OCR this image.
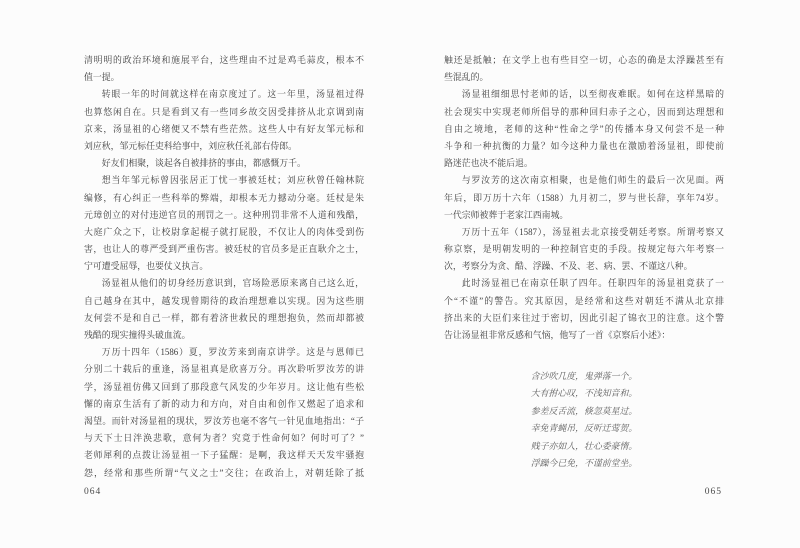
清明明的政治环境和施展平台，这些理由不过是鸡毛蒜皮，根本不
值一提。
转眼一年的时间就这样在南京度过了。这一年里，汤显祖过得
也算悠闲自在。只是看到又有一些同乡故交因受排挤从北京调到南
京来，汤显祖的心绪便又不禁有些茫然。这些人中有好友邹元标和
刘应秋，邹元标任吏科给事中，刘应秋任礼部右侍郎。
好友们相聚，谈起各自被排挤的事由，都感慨万千。
想当年邹元标曾因张居正丁忧一事被廷杖；刘应秋曾任翰林院
编修，有心纠正一些科举的弊端，却根本无力撼动分毫。廷杖是朱
元璋创立的对付违逆官员的刑罚之一。这种刑罚非常不人道和残酷，
大庭广众之下，让校尉拿起棍子就打屁股，不仅让人的肉体受到伤
害，也让人的尊严受到严重伤害。被廷杖的官员多是正直耿介之士，
宁可遭受屈辱，也要仗义执言。
汤显祖从他们的切身经历意识到，官场险恶原来离自己这么近，
自己越身在其中，越发现曾期待的政治理想难以实现。因为这些朋
友何尝不是和自己一样，都有着济世救民的理想抱负，然而却都被
残酷的现实撞得头破血流。
万历十四年（1586）夏，罗汝芳来到南京讲学。这是与恩师已
分别二十载后的重逢，汤显祖真是欣喜万分。再次聆听罗汝芳的讲
学，汤显祖仿佛又回到了那段意气风发的少年岁月。这让他有些松
懈的南京生活有了新的动力和方向，对自由和创作又燃起了追求和
渴望。而针对汤显祖的现状，罗汝芳也毫不客气一针见血地指出：“子
与天下士日泮涣悲歌，意何为者？究竟于性命何如？何时可了？”
老师犀利的点拨让汤显祖一下子猛醒：是啊，我这样天天发牢骚抱
怨，经常和那些所谓“气义之士”交往；在政治上，对朝廷除了抵
触还是抵触；在文学上也有些目空一切，心态的确是太浮躁甚至有
些混乱的。
汤显祖细细思忖老师的话，以至彻夜难眠。如何在这样黑暗的
社会现实中实现老师所倡导的那种回归赤子之心，因而到达理想和
自由之境地，老师的这种“性命之学”的传播本身又何尝不是一种
斗争和一种抗衡的力量？如今这种力量也在激励着汤显祖，即使前
路迷茫也决不能后退。
与罗汝芳的这次南京相聚，也是他们师生的最后一次见面。两
年后，即万历十六年（1588）九月初二，罗与世长辞，享年74岁。
一代宗师被葬于老家江西南城。
万历十五年（1587），汤显祖去北京接受朝廷考察。所谓考察又
称京察，是明朝发明的一种控制官吏的手段。按规定每六年考察一
次，考察分为贪、酷、浮躁、不及、老、病、罢、不谨这八种。
此时汤显祖已在南京任职了四年。任职四年的汤显祖竟获了一
个“不谨”的警告。究其原因，是经常和这些对朝廷不满从北京排
挤出来的大臣们来往过于密切，因此引起了锦衣卫的注意。这个警
告让汤显祖非常反感和气恼，他写了一首《京察后小述》：
含沙吹几度，鬼弹落一个。
大有拊心叹，不浅知音和。
参差反舌流，倏忽莫星过。
幸免青蝇吊，反听迁莺贺。
贱子亦如人，壮心委豪惰。
浮躁今已免，不谨前堂坐。
064	065
